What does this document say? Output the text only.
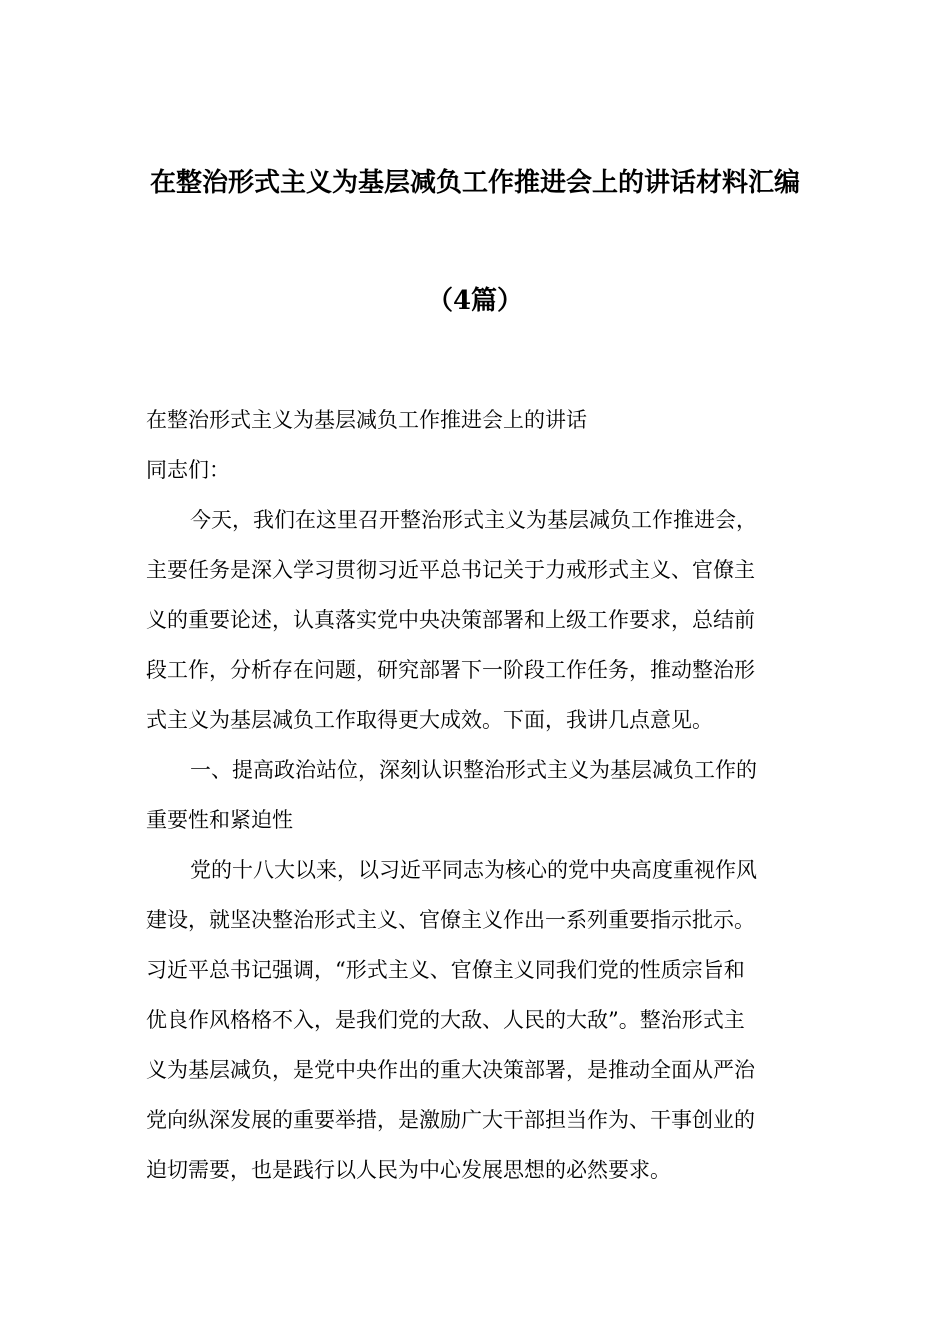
在整治形式主义为基层减负工作推进会上的讲话材料汇编
（4篇）
在整治形式主义为基层减负工作推进会上的讲话
同志们：
今天，我们在这里召开整治形式主义为基层减负工作推进会，
主要任务是深入学习贯彻习近平总书记关于力戒形式主义、官僚主
义的重要论述，认真落实党中央决策部署和上级工作要求，总结前
段工作，分析存在问题，研究部署下一阶段工作任务，推动整治形
式主义为基层减负工作取得更大成效。下面，我讲几点意见。
一、提高政治站位，深刻认识整治形式主义为基层减负工作的
重要性和紧迫性
党的十八大以来，以习近平同志为核心的党中央高度重视作风
建设，就坚决整治形式主义、官僚主义作出一系列重要指示批示。
习近平总书记强调，“形式主义、官僚主义同我们党的性质宗旨和
优良作风格格不入，是我们党的大敌、人民的大敌”。整治形式主
义为基层减负，是党中央作出的重大决策部署，是推动全面从严治
党向纵深发展的重要举措，是激励广大干部担当作为、干事创业的
迫切需要，也是践行以人民为中心发展思想的必然要求。
